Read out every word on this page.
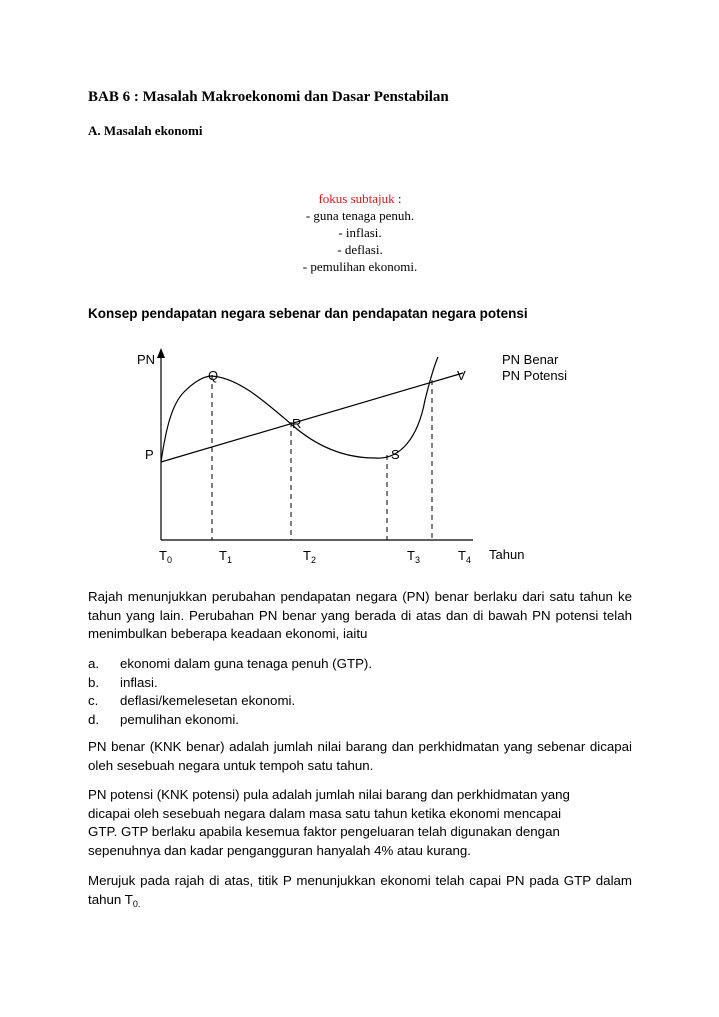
BAB 6 : Masalah Makroekonomi dan Dasar Penstabilan
A. Masalah ekonomi
fokus subtajuk :
- guna tenaga penuh.
- inflasi.
- deflasi.
- pemulihan ekonomi.
Konsep pendapatan negara sebenar dan pendapatan negara potensi
PN
P
Q
R
S
V
PN Benar
PN Potensi
Tahun
$T_0$	$T_1$	$T_2$	$T_3$	$T_4$
Rajah menunjukkan perubahan pendapatan negara (PN) benar berlaku dari satu tahun ke tahun yang lain. Perubahan PN benar yang berada di atas dan di bawah PN potensi telah menimbulkan beberapa keadaan ekonomi, iaitu
a.	ekonomi dalam guna tenaga penuh (GTP).
b.	inflasi.
c.	deflasi/kemelesetan ekonomi.
d.	pemulihan ekonomi.
PN benar (KNK benar) adalah jumlah nilai barang dan perkhidmatan yang sebenar dicapai oleh sesebuah negara untuk tempoh satu tahun.
PN potensi (KNK potensi) pula adalah jumlah nilai barang dan perkhidmatan yang
dicapai oleh sesebuah negara dalam masa satu tahun ketika ekonomi mencapai
GTP. GTP berlaku apabila kesemua faktor pengeluaran telah digunakan dengan
sepenuhnya dan kadar pengangguran hanyalah 4% atau kurang.
Merujuk pada rajah di atas, titik P menunjukkan ekonomi telah capai PN pada GTP dalam tahun $T_{0.}$
